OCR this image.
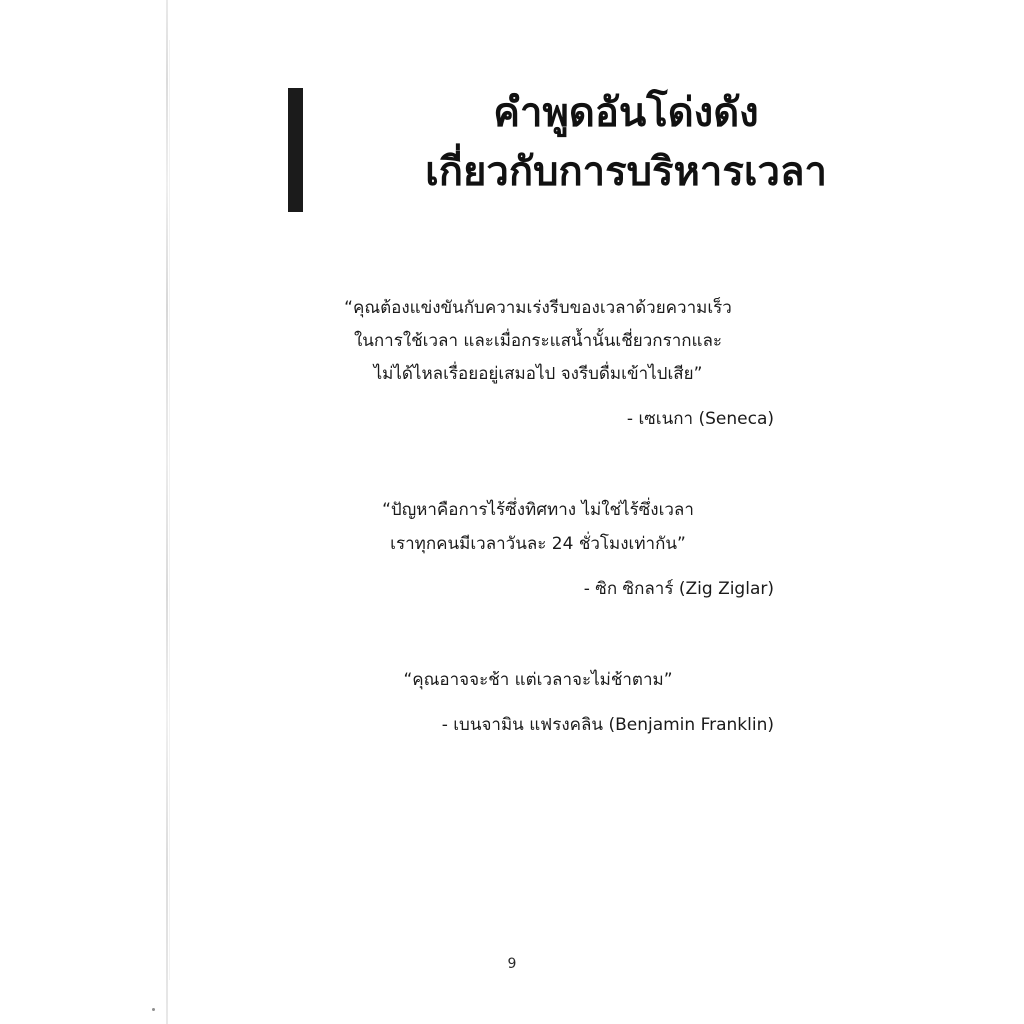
คำพูดอันโด่งดัง
เกี่ยวกับการบริหารเวลา
“คุณต้องแข่งขันกับความเร่งรีบของเวลาด้วยความเร็ว
ในการใช้เวลา และเมื่อกระแสน้ำนั้นเชี่ยวกรากและ
ไม่ได้ไหลเรื่อยอยู่เสมอไป จงรีบดื่มเข้าไปเสีย”
- เซเนกา (Seneca)
“ปัญหาคือการไร้ซึ่งทิศทาง ไม่ใช่ไร้ซึ่งเวลา
เราทุกคนมีเวลาวันละ 24 ชั่วโมงเท่ากัน”
- ซิก ซิกลาร์ (Zig Ziglar)
“คุณอาจจะช้า แต่เวลาจะไม่ช้าตาม”
- เบนจามิน แฟรงคลิน (Benjamin Franklin)
9
